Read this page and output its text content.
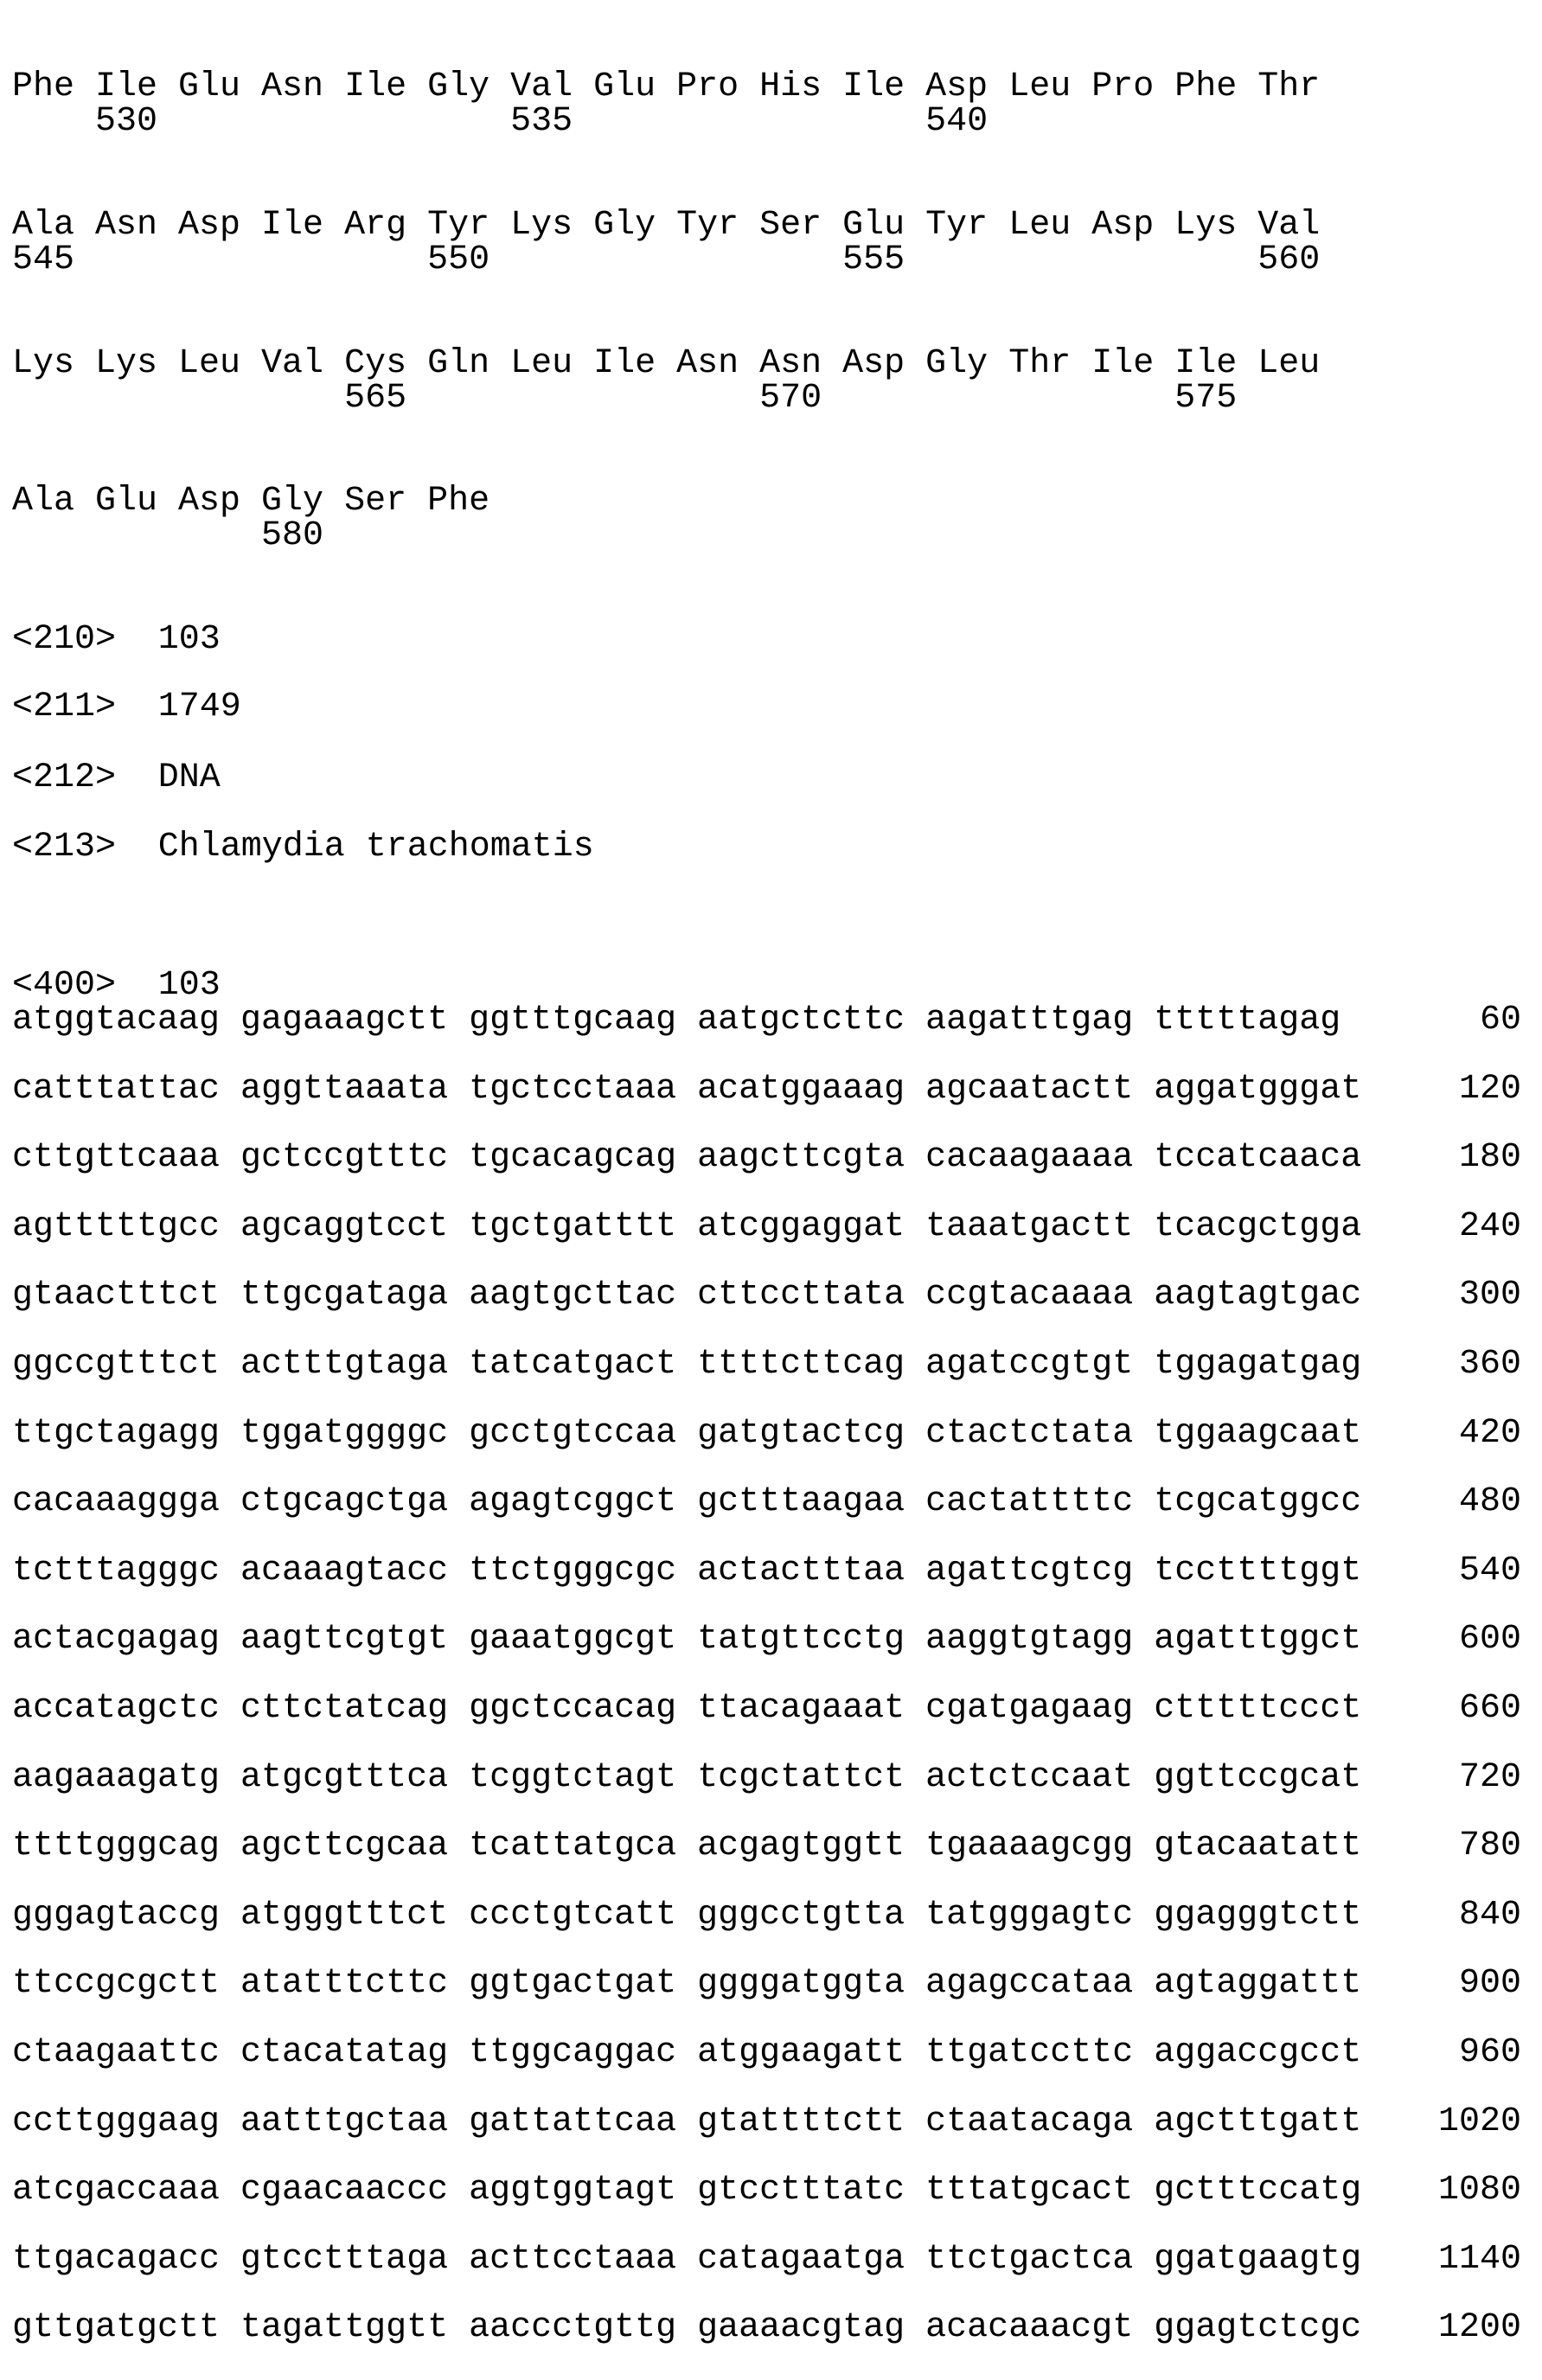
Phe Ile Glu Asn Ile Gly Val Glu Pro His Ile Asp Leu Pro Phe Thr
530                 535                 540
Ala Asn Asp Ile Arg Tyr Lys Gly Tyr Ser Glu Tyr Leu Asp Lys Val
545                 550                 555                 560
Lys Lys Leu Val Cys Gln Leu Ile Asn Asn Asp Gly Thr Ile Ile Leu
565                 570                 575
Ala Glu Asp Gly Ser Phe
580
<210> 103
<211> 1749
<212> DNA
<213> Chlamydia trachomatis
<400> 103
atggtacaag gagaaagctt ggtttgcaag aatgctcttc aagatttgag tttttagag	60
catttattac aggttaaata tgctcctaaa acatggaaag agcaatactt aggatgggat	120
cttgttcaaa gctccgtttc tgcacagcag aagcttcgta cacaagaaaa tccatcaaca	180
agtttttgcc agcaggtcct tgctgatttt atcggaggat taaatgactt tcacgctgga	240
gtaactttct ttgcgataga aagtgcttac cttccttata ccgtacaaaa aagtagtgac	300
ggccgtttct actttgtaga tatcatgact ttttcttcag agatccgtgt tggagatgag	360
ttgctagagg tggatggggc gcctgtccaa gatgtactcg ctactctata tggaagcaat	420
cacaaaggga ctgcagctga agagtcggct gctttaagaa cactattttc tcgcatggcc	480
tctttagggc acaaagtacc ttctgggcgc actactttaa agattcgtcg tccttttggt	540
actacgagag aagttcgtgt gaaatggcgt tatgttcctg aaggtgtagg agatttggct	600
accatagctc cttctatcag ggctccacag ttacagaaat cgatgagaag ctttttccct	660
aagaaagatg atgcgtttca tcggtctagt tcgctattct actctccaat ggttccgcat	720
ttttgggcag agcttcgcaa tcattatgca acgagtggtt tgaaaagcgg gtacaatatt	780
gggagtaccg atgggtttct ccctgtcatt gggcctgtta tatgggagtc ggagggtctt	840
ttccgcgctt atatttcttc ggtgactgat ggggatggta agagccataa agtaggattt	900
ctaagaattc ctacatatag ttggcaggac atggaagatt ttgatccttc aggaccgcct	960
ccttgggaag aatttgctaa gattattcaa gtattttctt ctaatacaga agctttgatt	1020
atcgaccaaa cgaacaaccc aggtggtagt gtcctttatc tttatgcact gctttccatg	1080
ttgacagacc gtcctttaga acttcctaaa catagaatga ttctgactca ggatgaagtg	1140
gttgatgctt tagattggtt aaccctgttg gaaaacgtag acacaaacgt ggagtctcgc	1200
